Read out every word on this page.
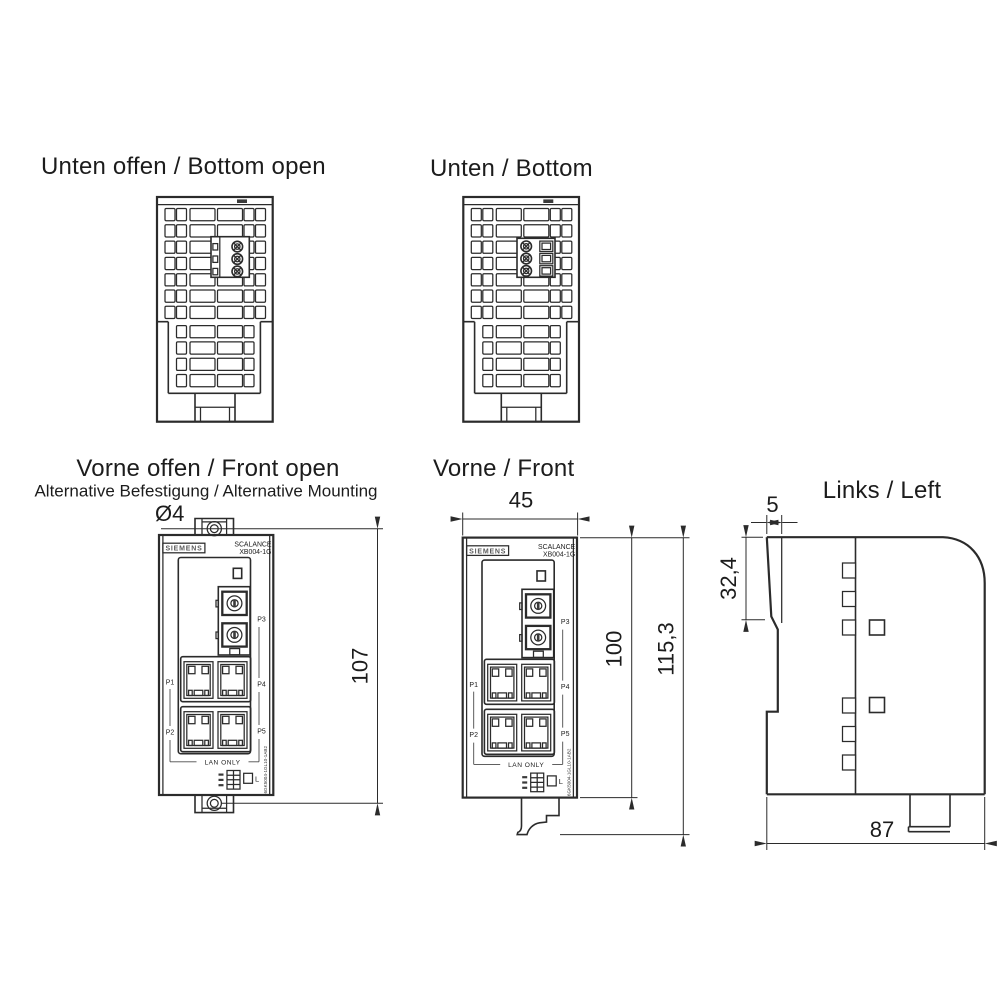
Unten offen / Bottom open	Unten / Bottom
Vorne offen / Front open
Alternative Befestigung / Alternative Mounting
107
Ø4
SIEMENS
SCALANCE
XB004-1G
P1
P2
P3
P4
P5
LAN ONLY
L 6GK5004-1GL10-1AB2
Vorne / Front
SIEMENS
SCALANCE
XB004-1G
P1
P2
P3
P4
P5
LAN ONLY
L 6GK5004-1GL10-1AB2
45
100 115,3
Links / Left
5
32,4
87
